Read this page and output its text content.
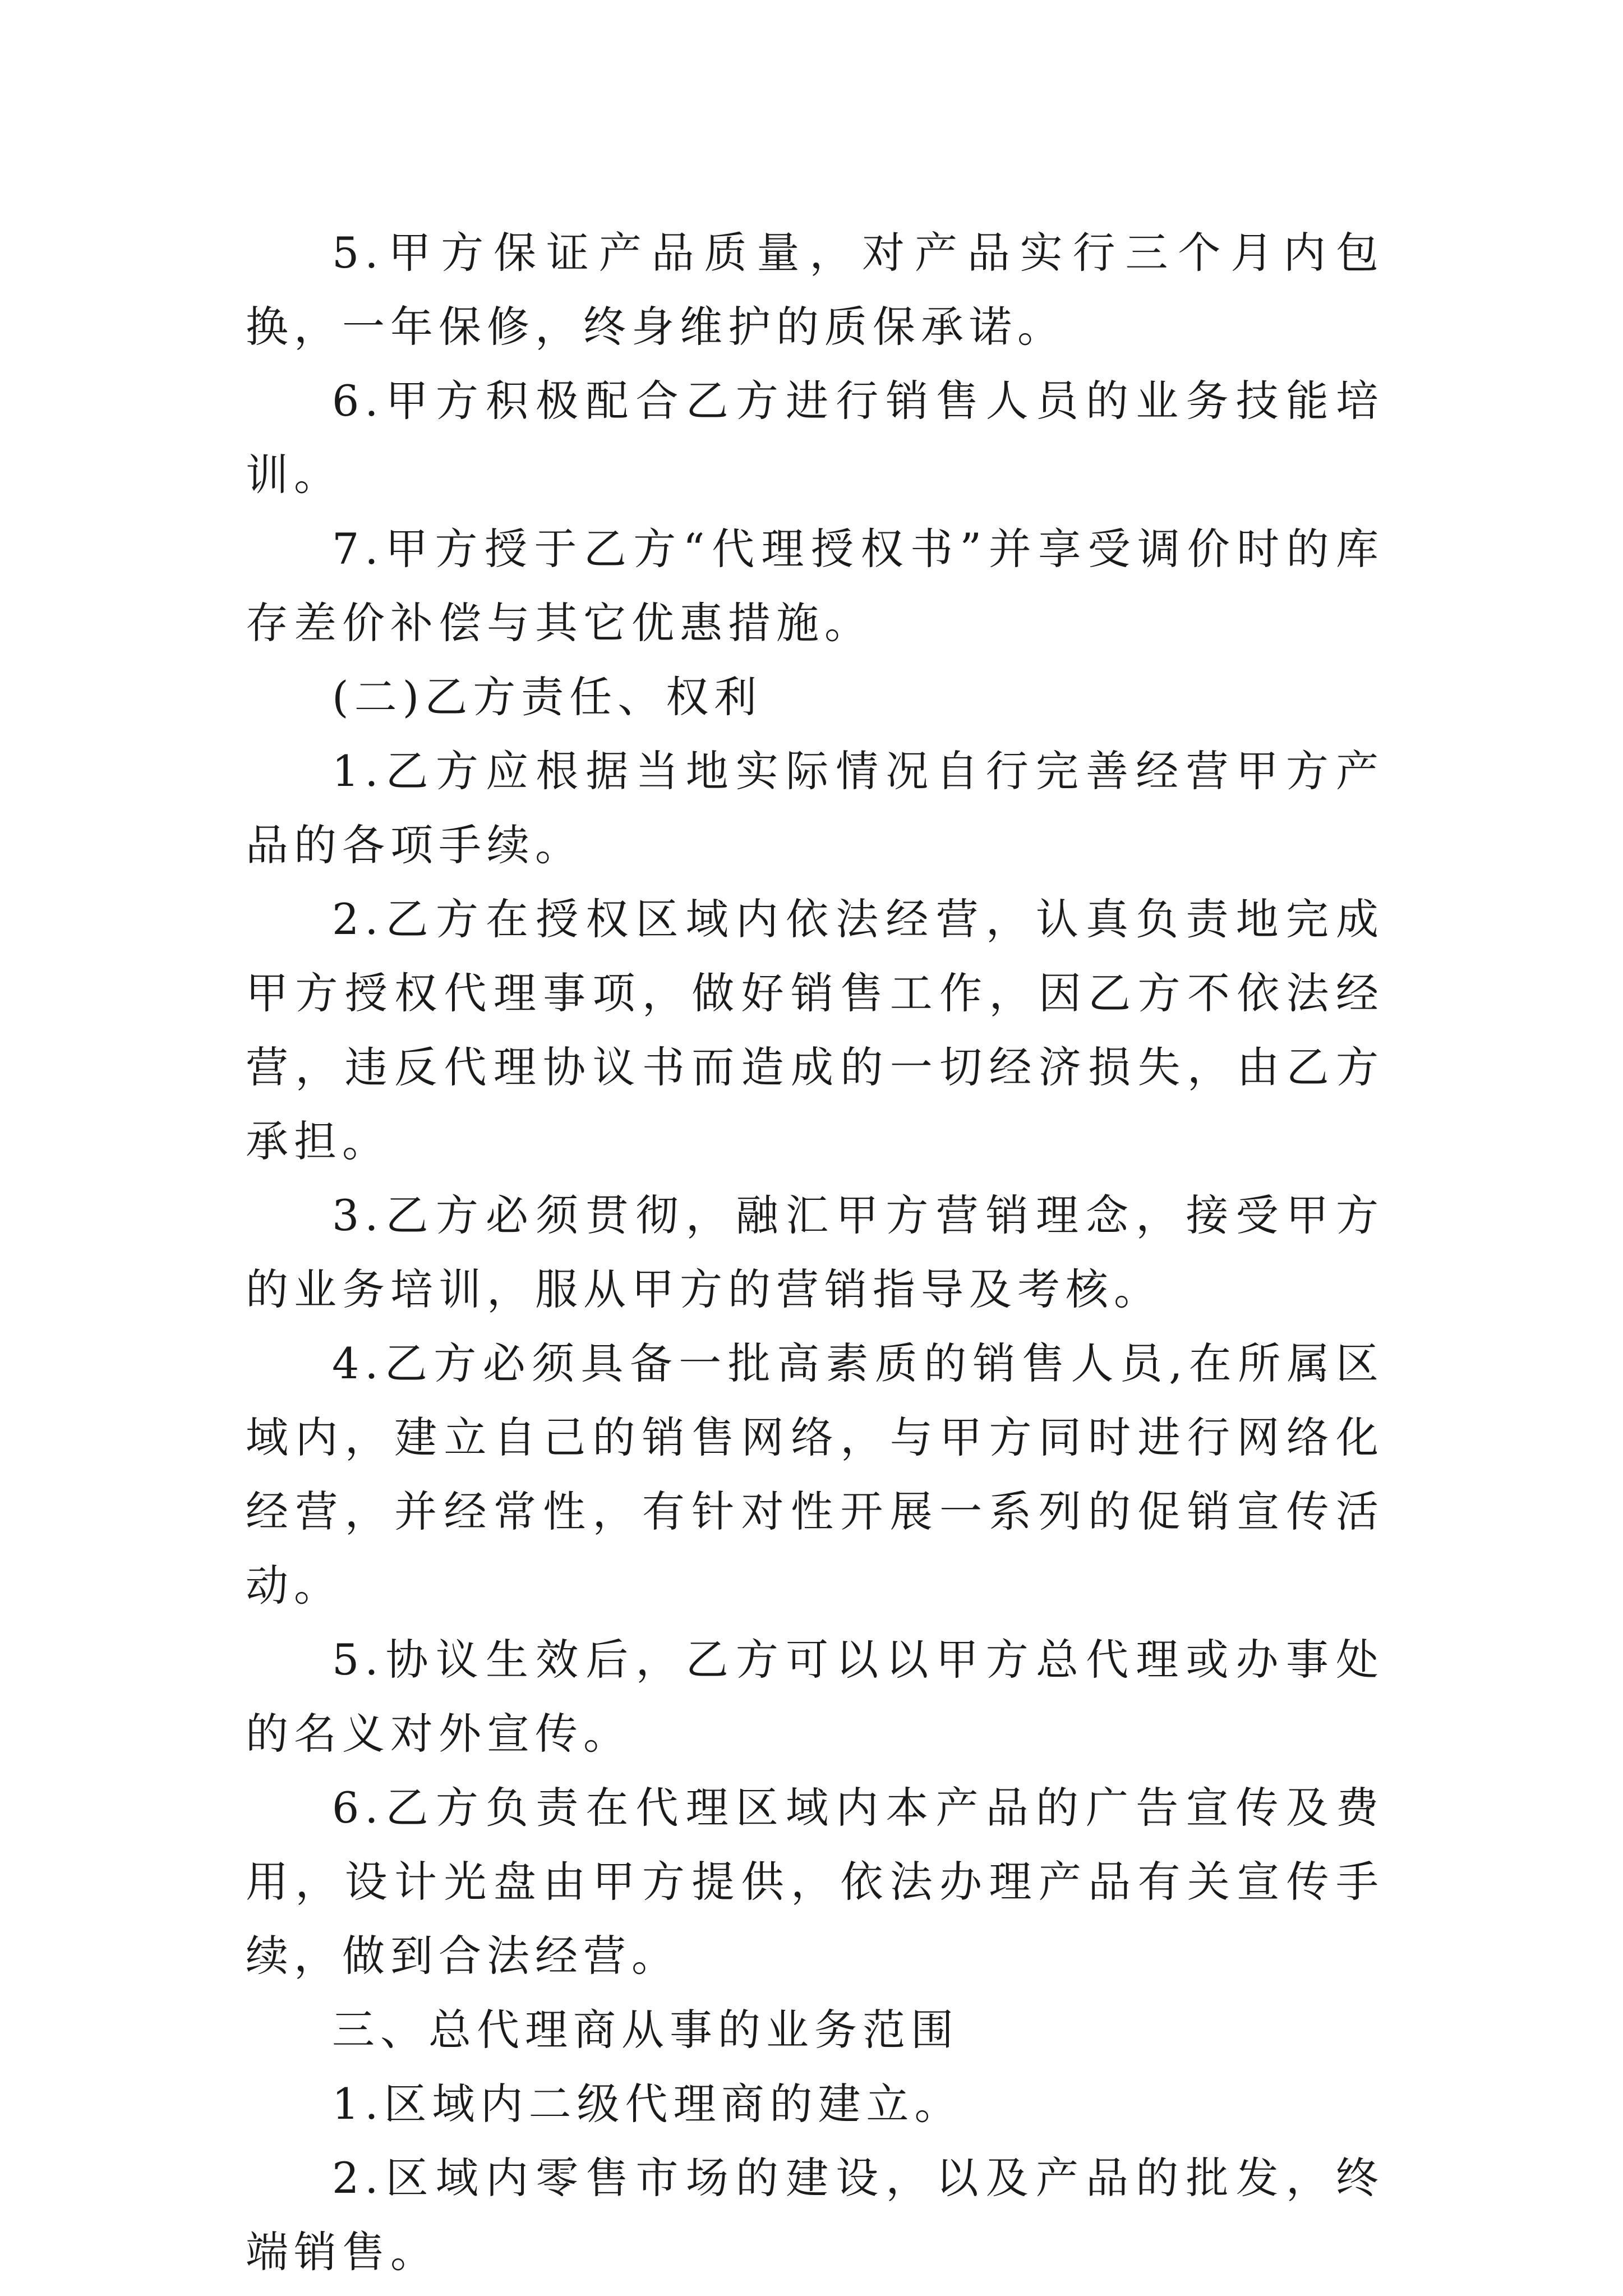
5.甲方保证产品质量，对产品实行三个月内包换，一年保修，终身维护的质保承诺。

6.甲方积极配合乙方进行销售人员的业务技能培训。

7.甲方授于乙方“代理授权书”并享受调价时的库存差价补偿与其它优惠措施。

(二)乙方责任、权利

1.乙方应根据当地实际情况自行完善经营甲方产品的各项手续。

2.乙方在授权区域内依法经营，认真负责地完成甲方授权代理事项，做好销售工作，因乙方不依法经营，违反代理协议书而造成的一切经济损失，由乙方承担。

3.乙方必须贯彻，融汇甲方营销理念，接受甲方的业务培训，服从甲方的营销指导及考核。

4.乙方必须具备一批高素质的销售人员,在所属区域内，建立自己的销售网络，与甲方同时进行网络化经营，并经常性，有针对性开展一系列的促销宣传活动。

5.协议生效后，乙方可以以甲方总代理或办事处的名义对外宣传。

6.乙方负责在代理区域内本产品的广告宣传及费用，设计光盘由甲方提供，依法办理产品有关宣传手续，做到合法经营。

三、总代理商从事的业务范围

1.区域内二级代理商的建立。

2.区域内零售市场的建设，以及产品的批发，终端销售。
